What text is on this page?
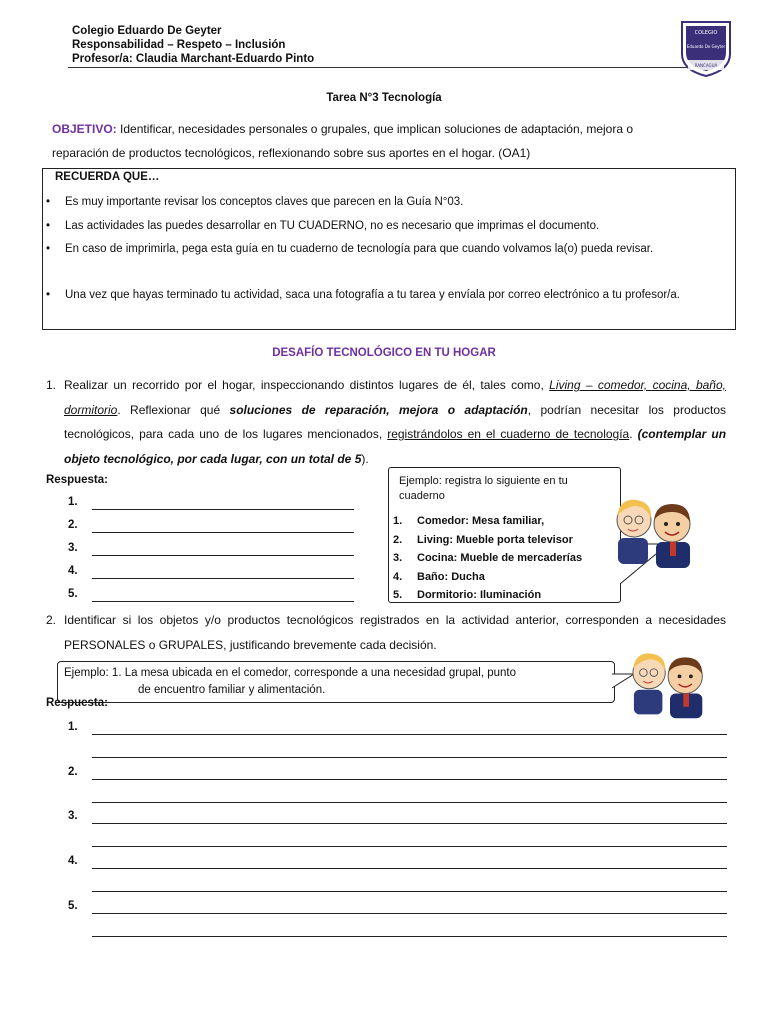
Colegio Eduardo De Geyter
Responsabilidad – Respeto – Inclusión
Profesor/a: Claudia Marchant-Eduardo Pinto
COLEGIO
Eduardo De Geyter
RANCAGUA
Tarea N°3 Tecnología
OBJETIVO: Identificar, necesidades personales o grupales, que implican soluciones de adaptación, mejora o
reparación de productos tecnológicos, reflexionando sobre sus aportes en el hogar. (OA1)
RECUERDA QUE…
• Es muy importante revisar los conceptos claves que parecen en la Guía N°03.
• Las actividades las puedes desarrollar en TU CUADERNO, no es necesario que imprimas el documento.
• En caso de imprimirla, pega esta guía en tu cuaderno de tecnología para que cuando volvamos la(o) pueda revisar.
• Una vez que hayas terminado tu actividad, saca una fotografía a tu tarea y envíala por correo electrónico a tu profesor/a.
DESAFÍO TECNOLÓGICO EN TU HOGAR
1. Realizar un recorrido por el hogar, inspeccionando distintos lugares de él, tales como, Living – comedor, cocina, baño, dormitorio. Reflexionar qué soluciones de reparación, mejora o adaptación, podrían necesitar los productos tecnológicos, para cada uno de los lugares mencionados, registrándolos en el cuaderno de tecnología. (contemplar un objeto tecnológico, por cada lugar, con un total de 5).
Respuesta:
1.
2.
3.
4.
5.
Ejemplo: registra lo siguiente en tu cuaderno
1. Comedor: Mesa familiar,
2. Living: Mueble porta televisor
3. Cocina: Mueble de mercaderías
4. Baño: Ducha
5. Dormitorio: Iluminación
2. Identificar si los objetos y/o productos tecnológicos registrados en la actividad anterior, corresponden a necesidades PERSONALES o GRUPALES, justificando brevemente cada decisión.
Ejemplo: 1. La mesa ubicada en el comedor, corresponde a una necesidad grupal, punto
de encuentro familiar y alimentación.
Respuesta:
1.
2.
3.
4.
5.
